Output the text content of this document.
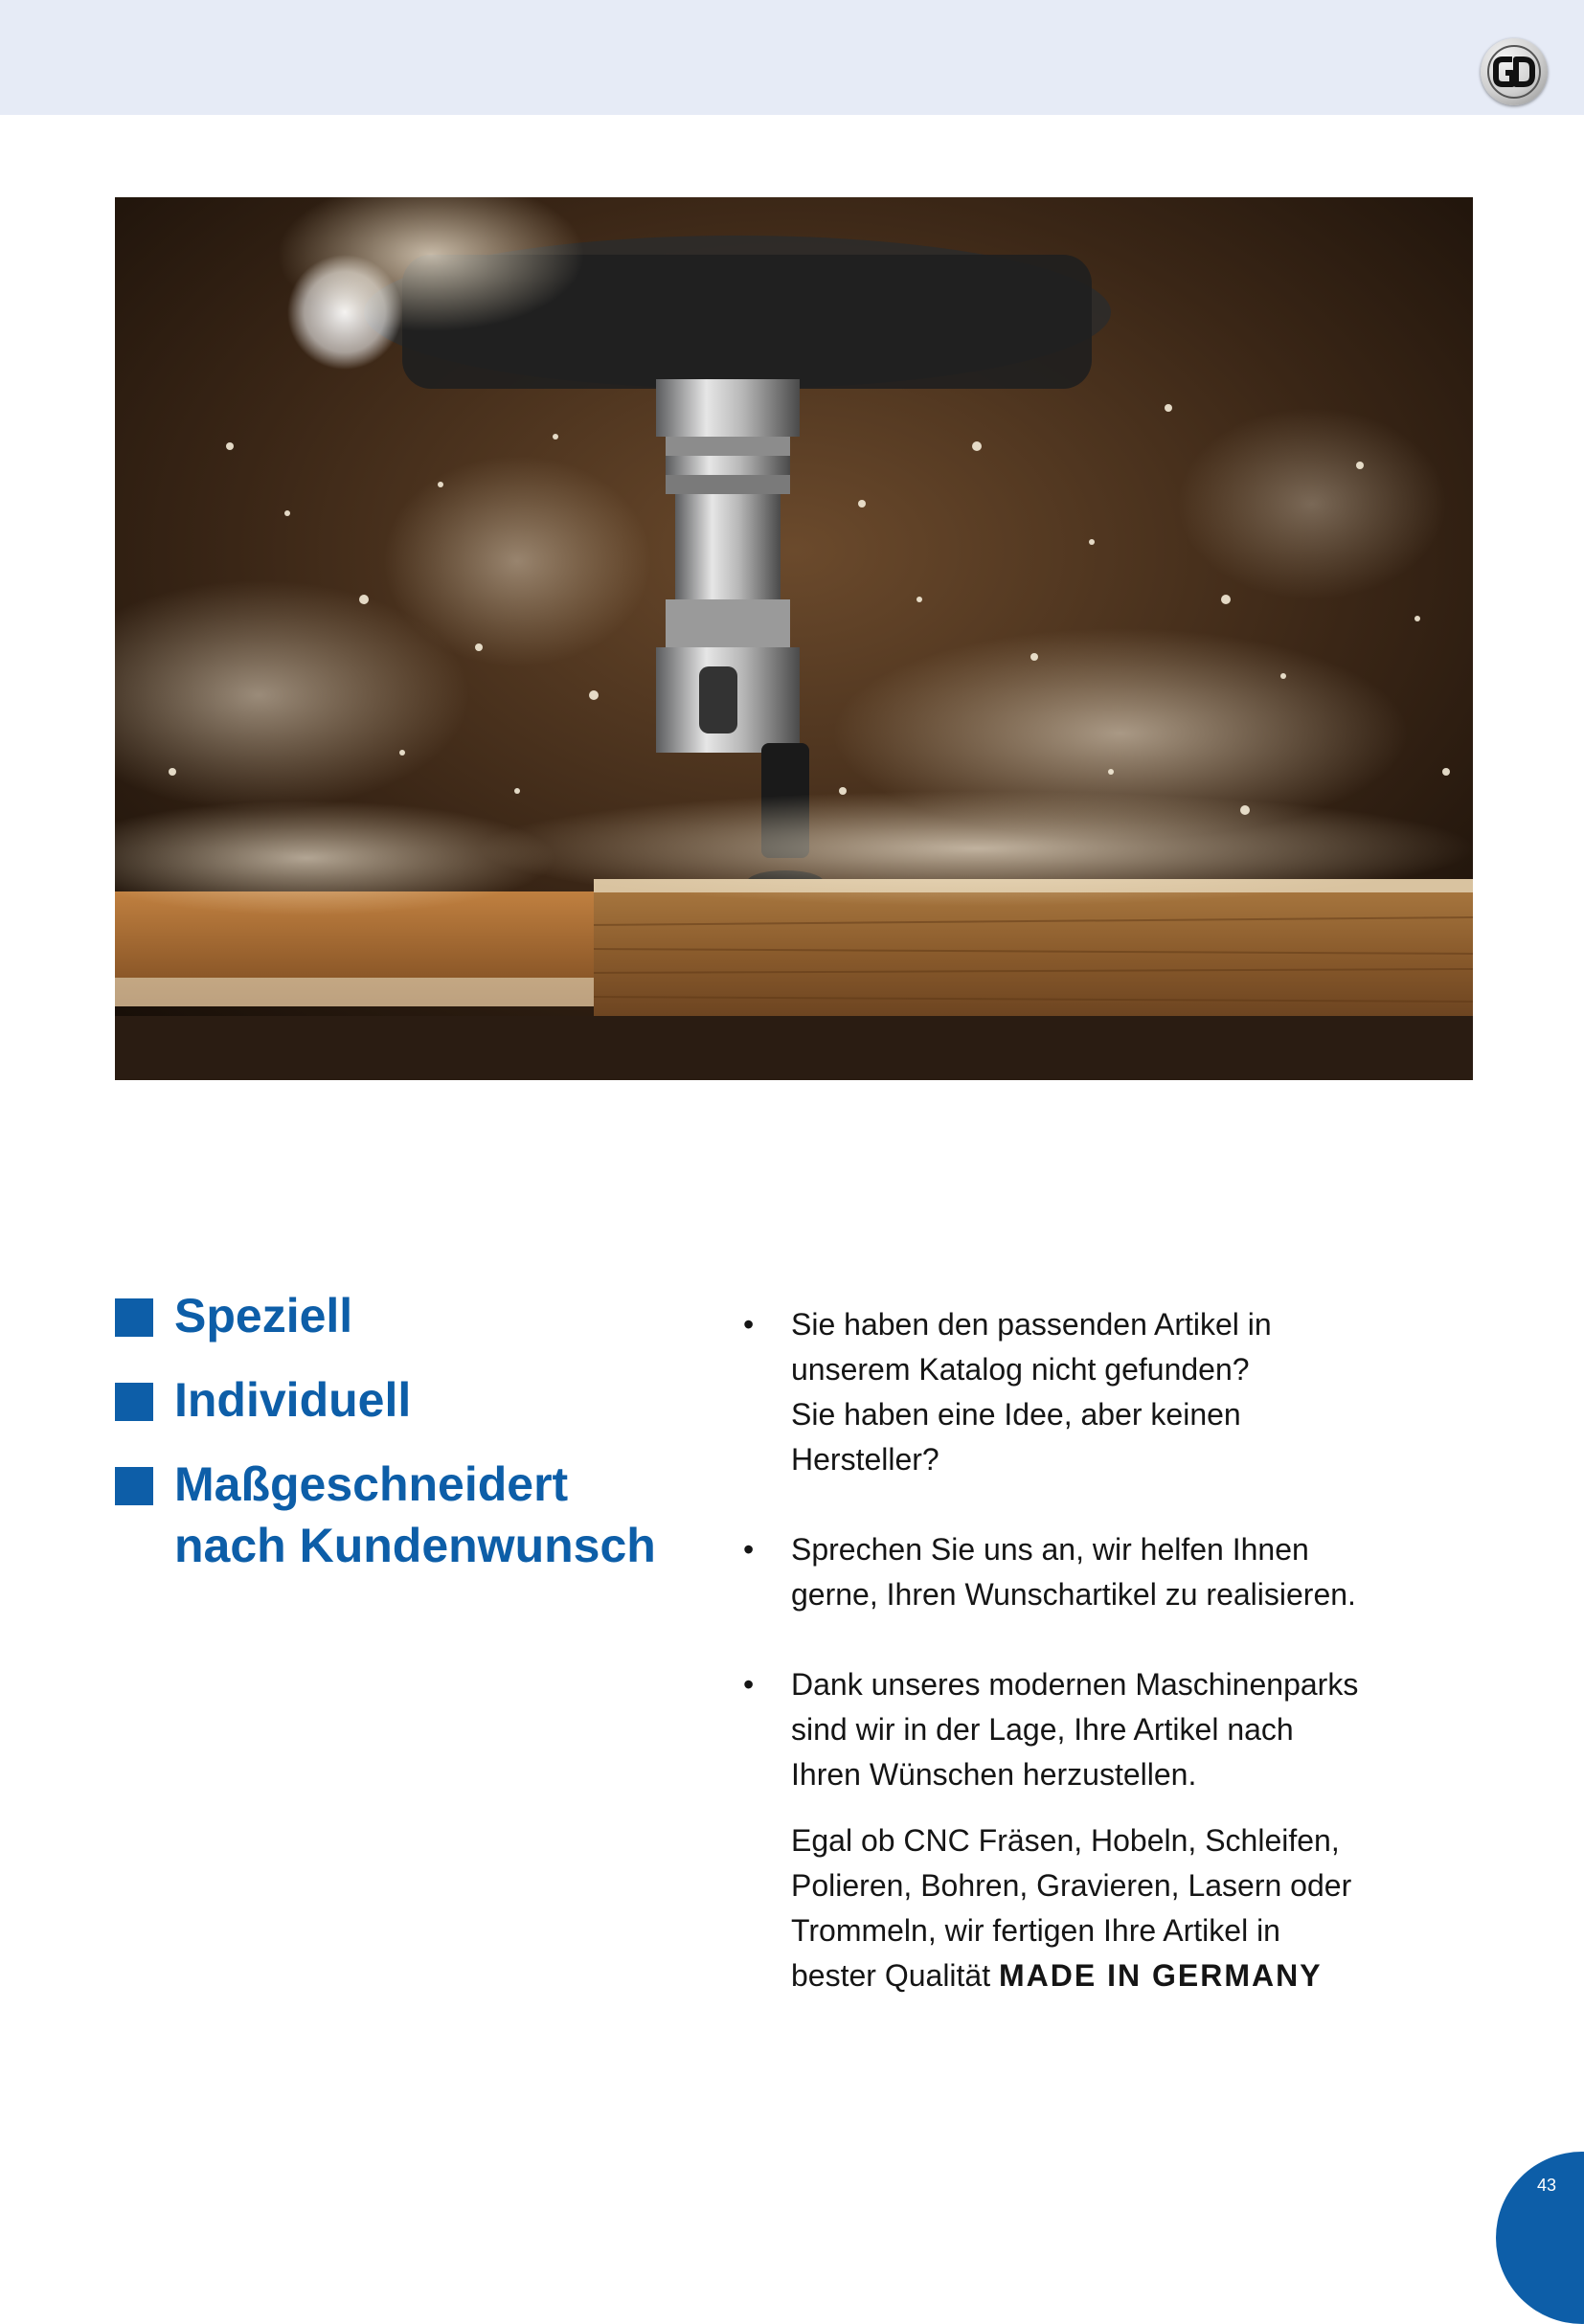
Speziell
Individuell
Maßgeschneidert
nach Kundenwunsch
•	Sie haben den passenden Artikel in
unserem Katalog nicht gefunden?
Sie haben eine Idee, aber keinen
Hersteller?
•	Sprechen Sie uns an, wir helfen Ihnen
gerne, Ihren Wunschartikel zu realisieren.
•	Dank unseres modernen Maschinenparks
sind wir in der Lage, Ihre Artikel nach
Ihren Wünschen herzustellen.
Egal ob CNC Fräsen, Hobeln, Schleifen,
Polieren, Bohren, Gravieren, Lasern oder
Trommeln, wir fertigen Ihre Artikel in
bester Qualität MADE IN GERMANY
43
